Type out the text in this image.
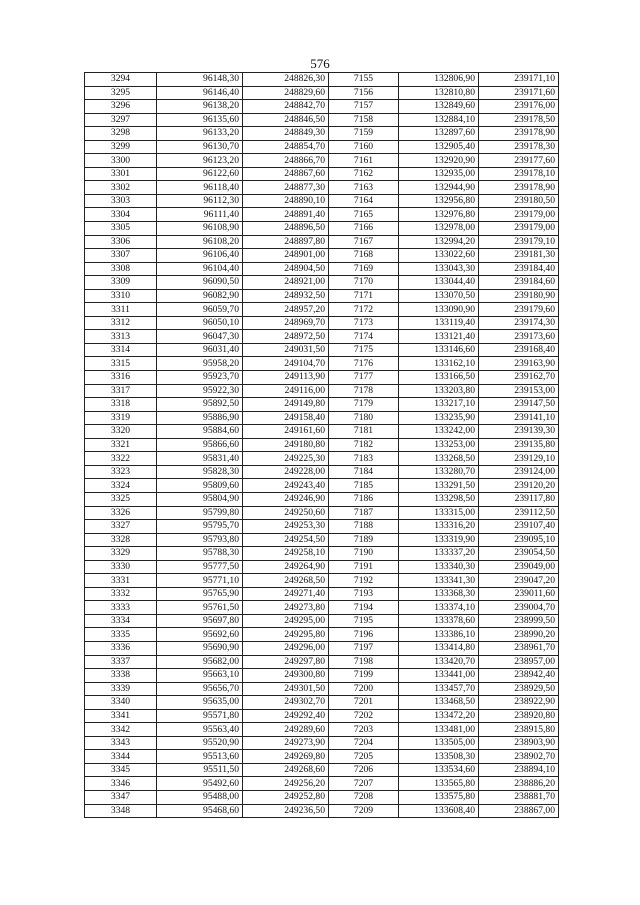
576
3294	96148,30	248826,30	7155	132806,90	239171,10
3295	96146,40	248829,60	7156	132810,80	239171,60
3296	96138,20	248842,70	7157	132849,60	239176,00
3297	96135,60	248846,50	7158	132884,10	239178,50
3298	96133,20	248849,30	7159	132897,60	239178,90
3299	96130,70	248854,70	7160	132905,40	239178,30
3300	96123,20	248866,70	7161	132920,90	239177,60
3301	96122,60	248867,60	7162	132935,00	239178,10
3302	96118,40	248877,30	7163	132944,90	239178,90
3303	96112,30	248890,10	7164	132956,80	239180,50
3304	96111,40	248891,40	7165	132976,80	239179,00
3305	96108,90	248896,50	7166	132978,00	239179,00
3306	96108,20	248897,80	7167	132994,20	239179,10
3307	96106,40	248901,00	7168	133022,60	239181,30
3308	96104,40	248904,50	7169	133043,30	239184,40
3309	96090,50	248921,00	7170	133044,40	239184,60
3310	96082,90	248932,50	7171	133070,50	239180,90
3311	96059,70	248957,20	7172	133090,90	239179,60
3312	96050,10	248969,70	7173	133119,40	239174,30
3313	96047,30	248972,50	7174	133121,40	239173,60
3314	96031,40	249031,50	7175	133146,60	239168,40
3315	95958,20	249104,70	7176	133162,10	239163,90
3316	95923,70	249113,90	7177	133166,50	239162,70
3317	95922,30	249116,00	7178	133203,80	239153,00
3318	95892,50	249149,80	7179	133217,10	239147,50
3319	95886,90	249158,40	7180	133235,90	239141,10
3320	95884,60	249161,60	7181	133242,00	239139,30
3321	95866,60	249180,80	7182	133253,00	239135,80
3322	95831,40	249225,30	7183	133268,50	239129,10
3323	95828,30	249228,00	7184	133280,70	239124,00
3324	95809,60	249243,40	7185	133291,50	239120,20
3325	95804,90	249246,90	7186	133298,50	239117,80
3326	95799,80	249250,60	7187	133315,00	239112,50
3327	95795,70	249253,30	7188	133316,20	239107,40
3328	95793,80	249254,50	7189	133319,90	239095,10
3329	95788,30	249258,10	7190	133337,20	239054,50
3330	95777,50	249264,90	7191	133340,30	239049,00
3331	95771,10	249268,50	7192	133341,30	239047,20
3332	95765,90	249271,40	7193	133368,30	239011,60
3333	95761,50	249273,80	7194	133374,10	239004,70
3334	95697,80	249295,00	7195	133378,60	238999,50
3335	95692,60	249295,80	7196	133386,10	238990,20
3336	95690,90	249296,00	7197	133414,80	238961,70
3337	95682,00	249297,80	7198	133420,70	238957,00
3338	95663,10	249300,80	7199	133441,00	238942,40
3339	95656,70	249301,50	7200	133457,70	238929,50
3340	95635,00	249302,70	7201	133468,50	238922,90
3341	95571,80	249292,40	7202	133472,20	238920,80
3342	95563,40	249289,60	7203	133481,00	238915,80
3343	95520,90	249273,90	7204	133505,00	238903,90
3344	95513,60	249269,80	7205	133508,30	238902,70
3345	95511,50	249268,60	7206	133534,60	238894,10
3346	95492,60	249256,20	7207	133565,80	238886,20
3347	95488,00	249252,80	7208	133575,80	238881,70
3348	95468,60	249236,50	7209	133608,40	238867,00
